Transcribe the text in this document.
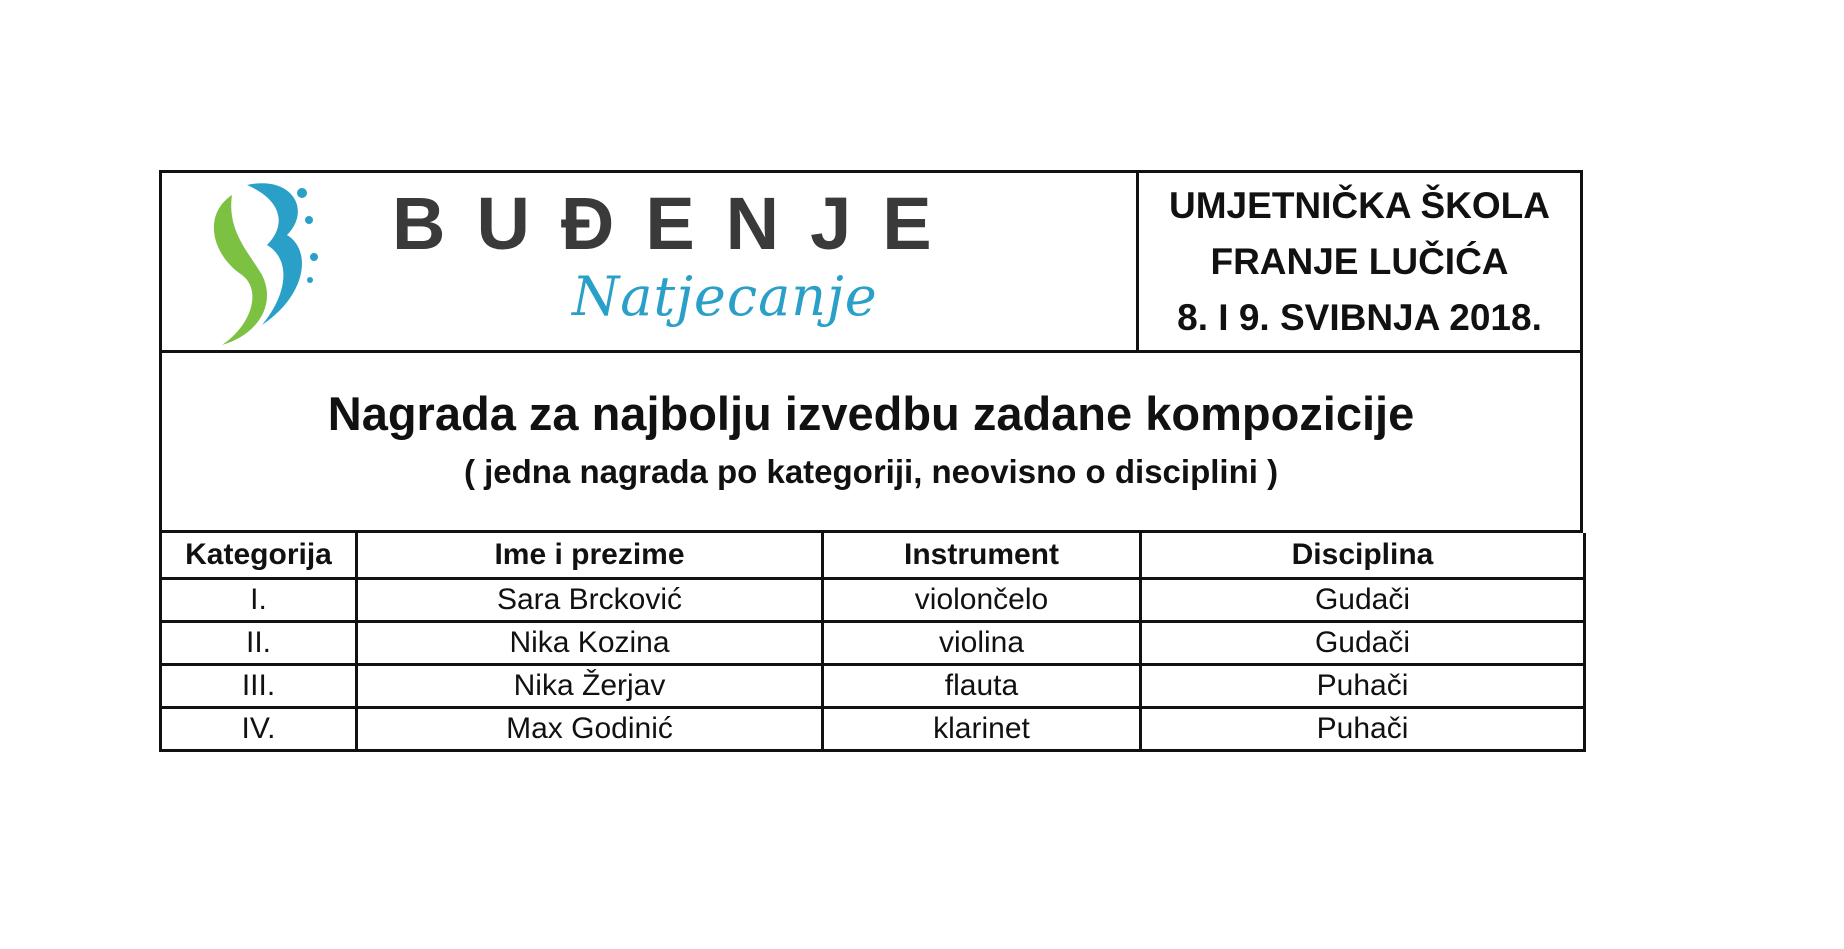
BUĐENJE
Natjecanje
UMJETNIČKA ŠKOLA
FRANJE LUČIĆA
8. I 9. SVIBNJA 2018.
Nagrada za najbolju izvedbu zadane kompozicije
( jedna nagrada po kategoriji, neovisno o disciplini )
Kategorija	Ime i prezime	Instrument	Disciplina
I.	Sara Brcković	violončelo	Gudači
II.	Nika Kozina	violina	Gudači
III.	Nika Žerjav	flauta	Puhači
IV.	Max Godinić	klarinet	Puhači
